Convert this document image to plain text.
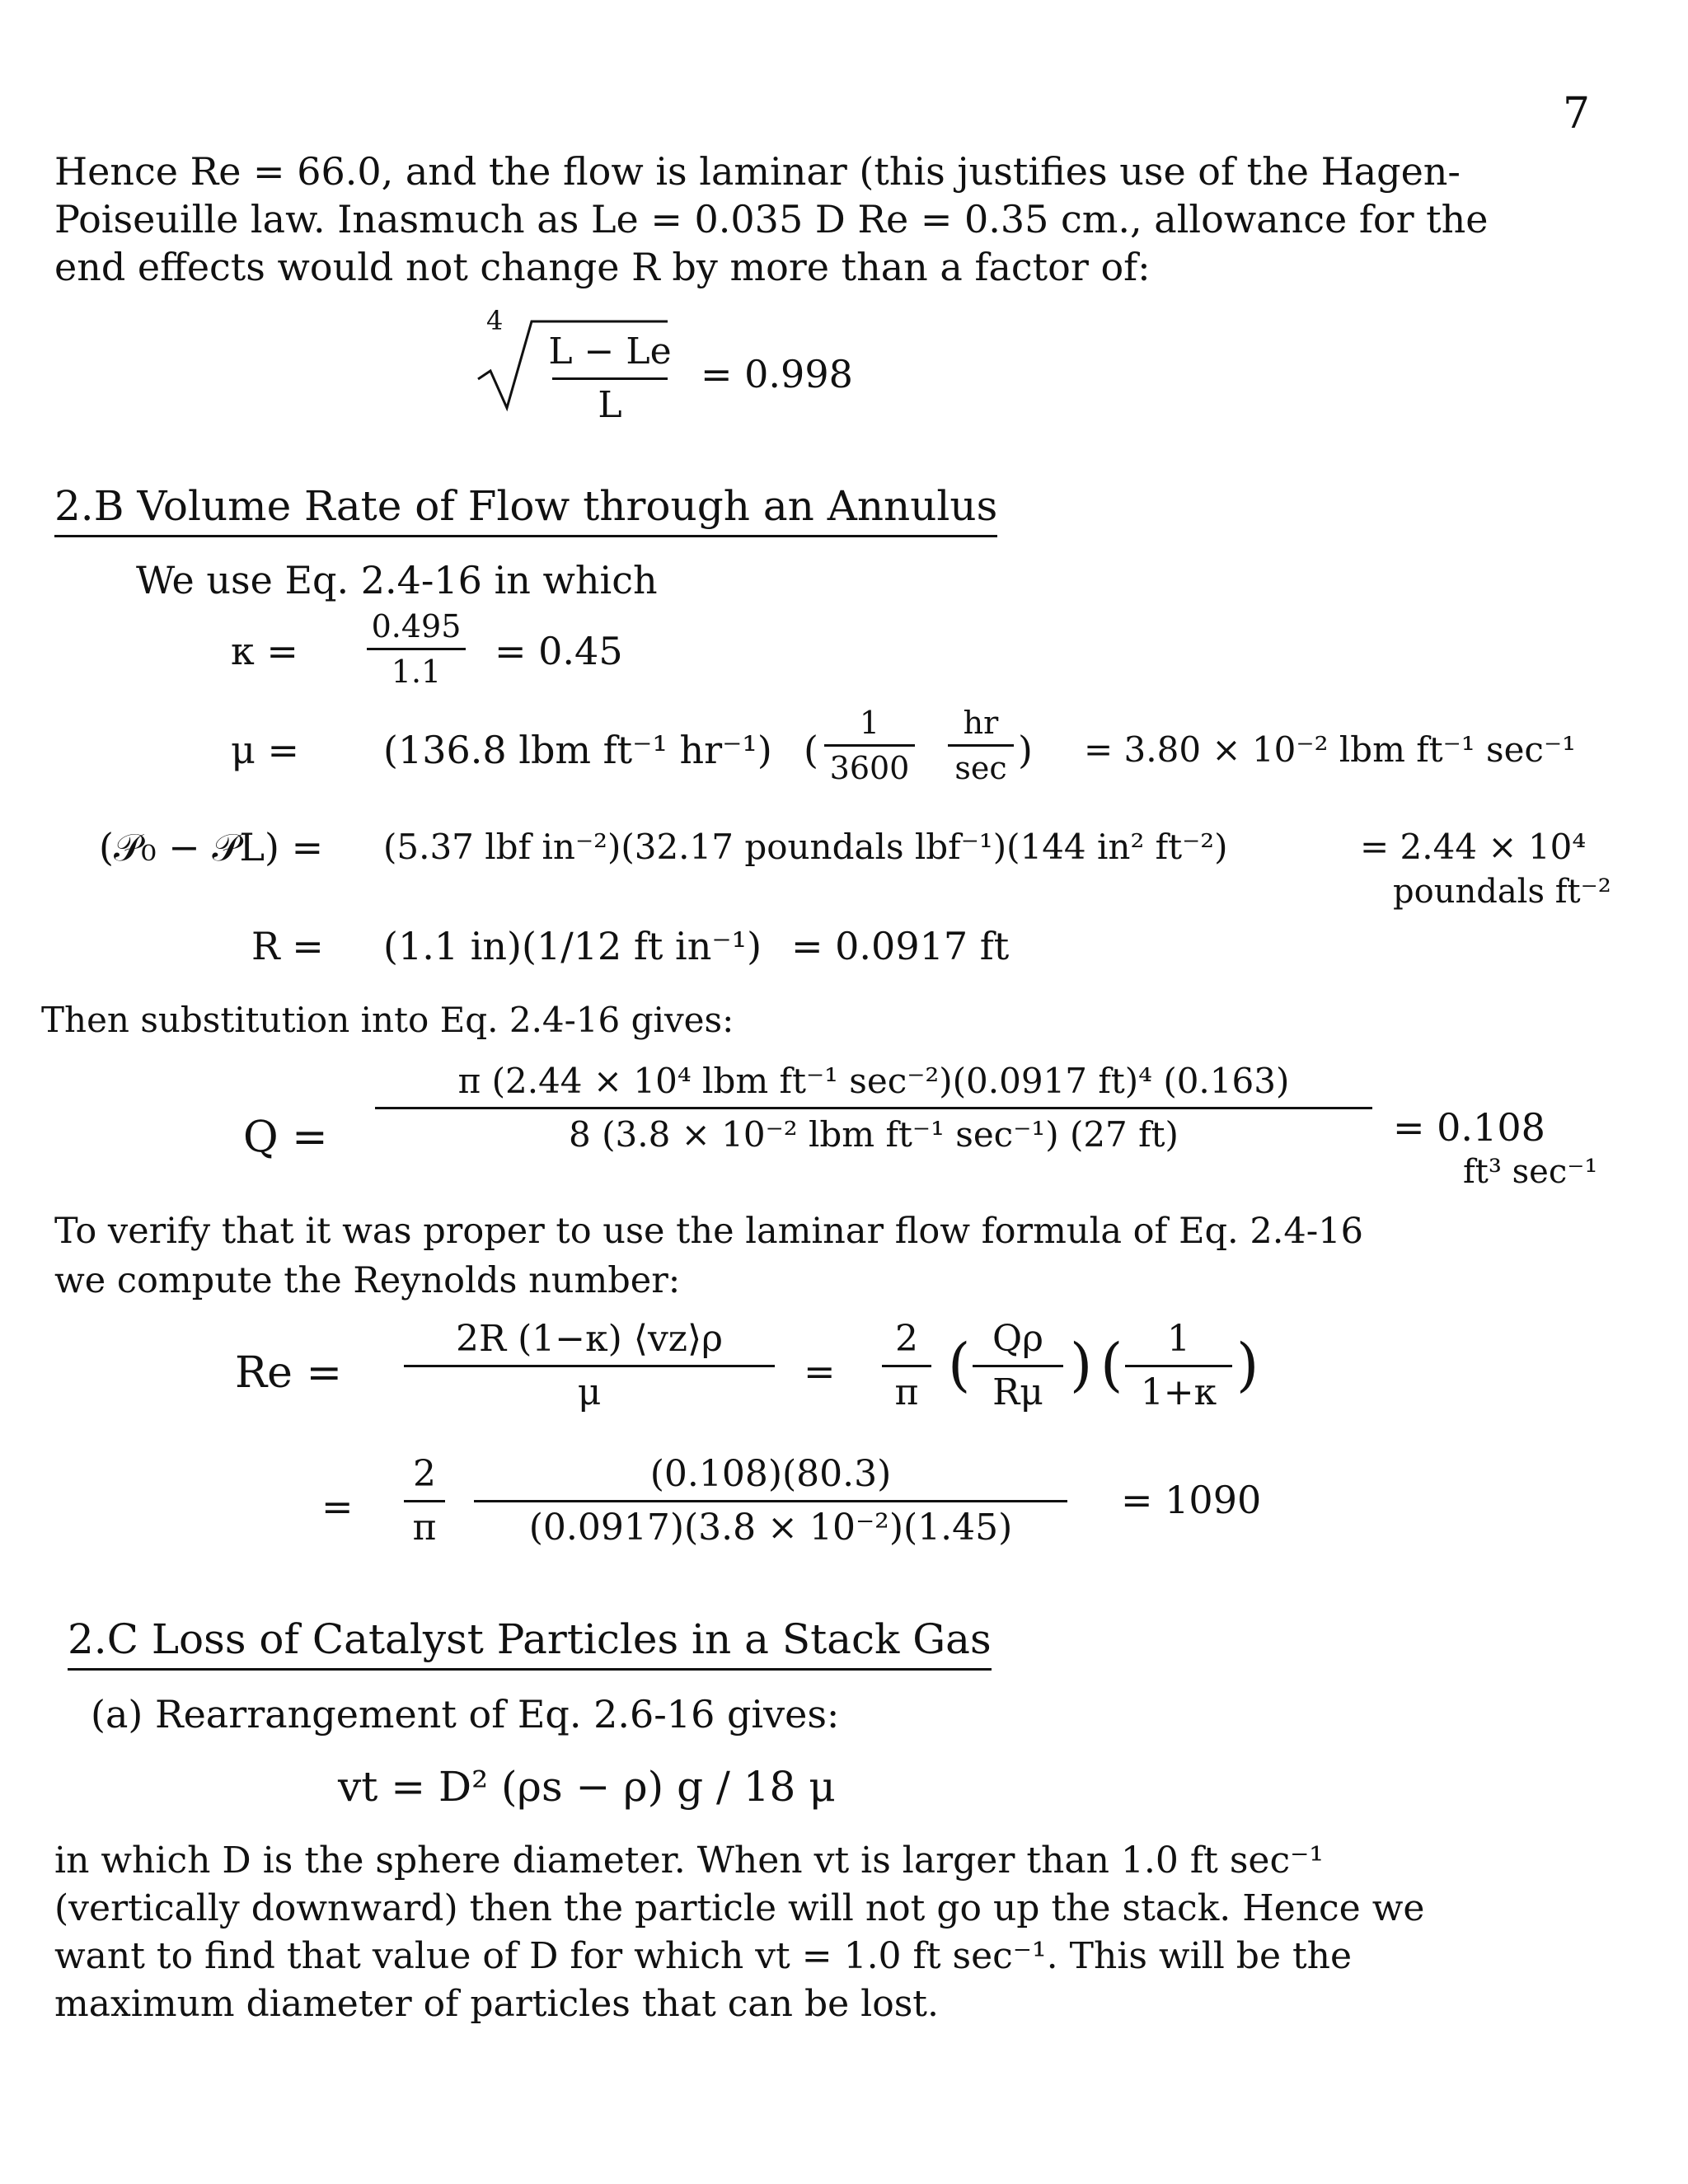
7
Hence Re = 66.0, and the flow is laminar (this justifies use of the Hagen-
Poiseuille law. Inasmuch as Le = 0.035 D Re = 0.35 cm., allowance for the
end effects would not change R by more than a factor of:
4
L − Le
L
= 0.998
2.B Volume Rate of Flow through an Annulus
We use Eq. 2.4-16 in which
κ =
0.495
1.1 = 0.45
μ = (136.8 lbm ft⁻¹ hr⁻¹) (
1
3600
hr
sec ) = 3.80 × 10⁻² lbm ft⁻¹ sec⁻¹
(𝒫₀ − 𝒫L) = (5.37 lbf in⁻²)(32.17 poundals lbf⁻¹)(144 in² ft⁻²)	= 2.44 × 10⁴
poundals ft⁻²
R = (1.1 in)(1/12 ft in⁻¹) = 0.0917 ft
Then substitution into Eq. 2.4-16 gives:
Q =
π (2.44 × 10⁴ lbm ft⁻¹ sec⁻²)(0.0917 ft)⁴ (0.163)
8 (3.8 × 10⁻² lbm ft⁻¹ sec⁻¹) (27 ft)	= 0.108
ft³ sec⁻¹
To verify that it was proper to use the laminar flow formula of Eq. 2.4-16
we compute the Reynolds number:
Re =
2R (1−κ) ⟨vz⟩ρ
μ	=
2
π ( Qρ
Rμ ) ( 1
1+κ )
=
2
π
(0.108)(80.3)
(0.0917)(3.8 × 10⁻²)(1.45)
= 1090
2.C Loss of Catalyst Particles in a Stack Gas
(a) Rearrangement of Eq. 2.6-16 gives:
vt = D² (ρs − ρ) g / 18 μ
in which D is the sphere diameter. When vt is larger than 1.0 ft sec⁻¹
(vertically downward) then the particle will not go up the stack. Hence we
want to find that value of D for which vt = 1.0 ft sec⁻¹. This will be the
maximum diameter of particles that can be lost.
